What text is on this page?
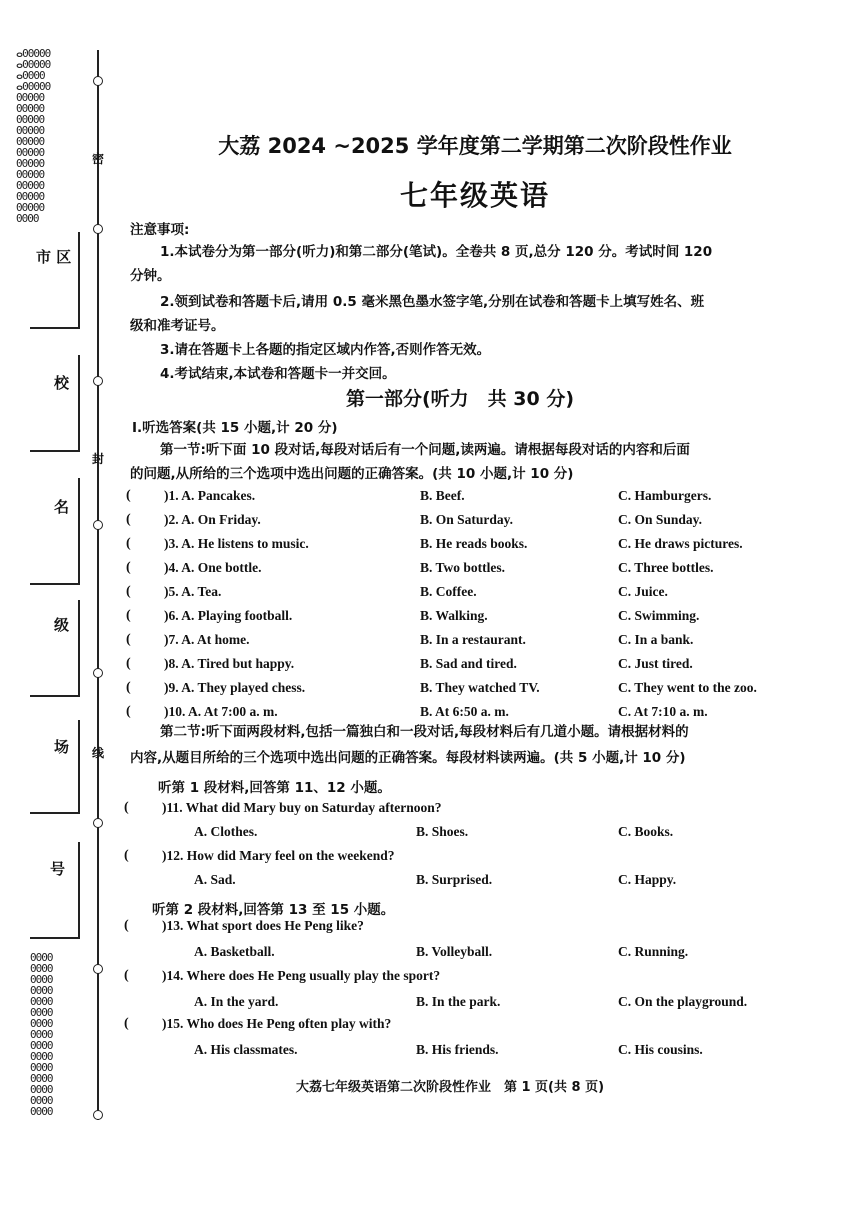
ⴰ00000
ⴰ00000
ⴰ0000
ⴰ00000
00000
00000
00000
00000
00000
00000
00000
00000
00000
00000
00000
0000
0000
0000
0000
0000
0000
0000
0000
0000
0000
0000
0000
0000
0000
0000
0000
市 区
校
名
级
场
号
密
封
线
大荔 2024 ~2025 学年度第二学期第二次阶段性作业
七年级英语
注意事项:
1.本试卷分为第一部分(听力)和第二部分(笔试)。全卷共 8 页,总分 120 分。考试时间 120
分钟。
2.领到试卷和答题卡后,请用 0.5 毫米黑色墨水签字笔,分别在试卷和答题卡上填写姓名、班
级和准考证号。
3.请在答题卡上各题的指定区域内作答,否则作答无效。
4.考试结束,本试卷和答题卡一并交回。
第一部分(听力　共 30 分)
Ⅰ.听选答案(共 15 小题,计 20 分)
第一节:听下面 10 段对话,每段对话后有一个问题,读两遍。请根据每段对话的内容和后面
的问题,从所给的三个选项中选出问题的正确答案。(共 10 小题,计 10 分)
( )1. A. Pancakes.	B. Beef.	C. Hamburgers.
( )2. A. On Friday.	B. On Saturday.	C. On Sunday.
( )3. A. He listens to music.	B. He reads books.	C. He draws pictures.
( )4. A. One bottle.	B. Two bottles.	C. Three bottles.
( )5. A. Tea.	B. Coffee.	C. Juice.
( )6. A. Playing football.	B. Walking.	C. Swimming.
( )7. A. At home.	B. In a restaurant.	C. In a bank.
( )8. A. Tired but happy.	B. Sad and tired.	C. Just tired.
( )9. A. They played chess.	B. They watched TV.	C. They went to the zoo.
( )10. A. At 7:00 a. m.	B. At 6:50 a. m.	C. At 7:10 a. m.
第二节:听下面两段材料,包括一篇独白和一段对话,每段材料后有几道小题。请根据材料的
内容,从题目所给的三个选项中选出问题的正确答案。每段材料读两遍。(共 5 小题,计 10 分)
听第 1 段材料,回答第 11、12 小题。
( )11. What did Mary buy on Saturday afternoon?
A. Clothes.	B. Shoes.	C. Books.
( )12. How did Mary feel on the weekend?
A. Sad.	B. Surprised.	C. Happy.
( )13. What sport does He Peng like?
A. Basketball.	B. Volleyball.	C. Running.
( )14. Where does He Peng usually play the sport?
A. In the yard.	B. In the park.	C. On the playground.
( )15. Who does He Peng often play with?
A. His classmates.	B. His friends.	C. His cousins.
听第 2 段材料,回答第 13 至 15 小题。
大荔七年级英语第二次阶段性作业　第 1 页(共 8 页)
